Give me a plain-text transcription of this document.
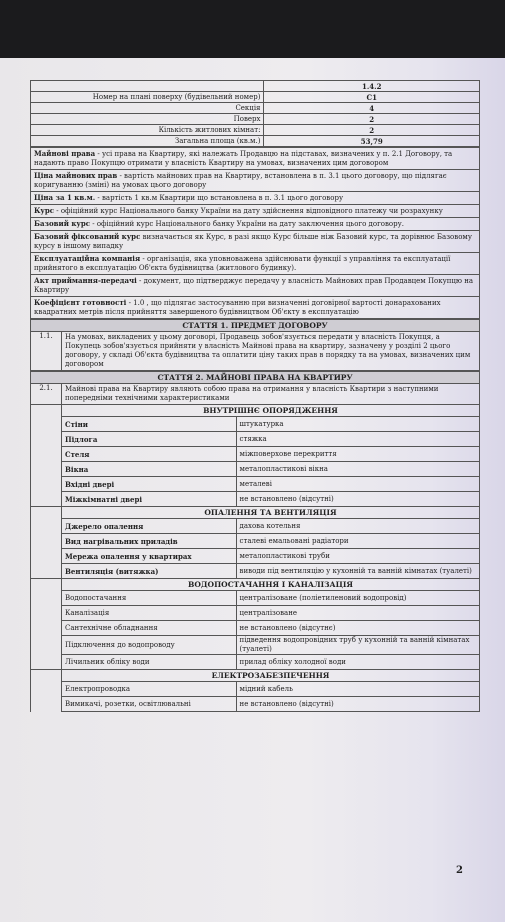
	1.4.2
Номер на плані поверху (будівельний номер)	С1
Секція	4
Поверх	2
Кількість житлових кімнат:	2
Загальна площа (кв.м.)	53,79
Майнові права - усі права на Квартиру, які належать Продавцю на підставах, визначених у п. 2.1 Договору, та надають право Покупцю отримати у власність Квартиру на умовах, визначених цим договором
Ціна майнових прав - вартість майнових прав на Квартиру, встановлена в п. 3.1 цього договору, що підлягає коригуванню (зміні) на умовах цього договору
Ціна за 1 кв.м. - вартість 1 кв.м Квартири що встановлена в п. 3.1 цього договору
Курс - офіційний курс Національного банку України на дату здійснення відповідного платежу чи розрахунку
Базовий курс - офіційний курс Національного банку України на дату заключення цього договору.
Базовий фіксований курс визначається як Курс, в разі якщо Курс більше ніж Базовий курс, та дорівнює Базовому курсу в іншому випадку
Експлуатаційна компанія - організація, яка уповноважена здійснювати функції з управління та експлуатації прийнятого в експлуатацію Об'єкта будівництва (житлового будинку).
Акт приймання-передачі - документ, що підтверджує передачу у власність Майнових прав Продавцем Покупцю на Квартиру
Коефіцієнт готовності - 1.0 , що підлягає застосуванню при визначенні договірної вартості донарахованих квадратних метрів після прийняття завершеного будівництвом Об'єкту в експлуатацію
СТАТТЯ 1. ПРЕДМЕТ ДОГОВОРУ
1.1.	На умовах, викладених у цьому договорі, Продавець зобов'язується передати у власність Покупця, а Покупець зобов'язується прийняти у власність Майнові права на квартиру, зазначену у розділі 2 цього договору, у складі Об'єкта будівництва та оплатити ціну таких прав в порядку та на умовах, визначених цим договором
СТАТТЯ 2. МАЙНОВІ ПРАВА НА КВАРТИРУ		
2.1.	Майнові права на Квартиру являють собою права на отримання у власність Квартири з наступними попередніми технічними характеристиками	
	ВНУТРІШНЄ ОПОРЯДЖЕННЯ	
	Стіни	штукатурка
	Підлога	стяжка
	Стеля	міжповерхове перекриття
	Вікна	металопластикові вікна
	Вхідні двері	металеві
	Міжкімнатні двері	не встановлено (відсутні)
	ОПАЛЕННЯ ТА ВЕНТИЛЯЦІЯ	
	Джерело опалення	дахова котельня
	Вид нагрівальних приладів	сталеві емальовані радіатори
	Мережа опалення у квартирах	металопластикові труби
	Вентиляція (витяжка)	виводи під вентиляцію у кухонній та ванній кімнатах (туалеті)
	ВОДОПОСТАЧАННЯ І КАНАЛІЗАЦІЯ	
	Водопостачання	централізоване (поліетиленовий водопровід)
	Каналізація	централізоване
	Сантехнічне обладнання	не встановлено (відсутнє)
	Підключення до водопроводу	підведення водопровідних труб у кухонній та ванній кімнатах (туалеті)
	Лічильник обліку води	прилад обліку холодної води
	ЕЛЕКТРОЗАБЕЗПЕЧЕННЯ	
	Електропроводка	мідний кабель
	Вимикачі, розетки, освітлювальні	не встановлено (відсутні)
2
